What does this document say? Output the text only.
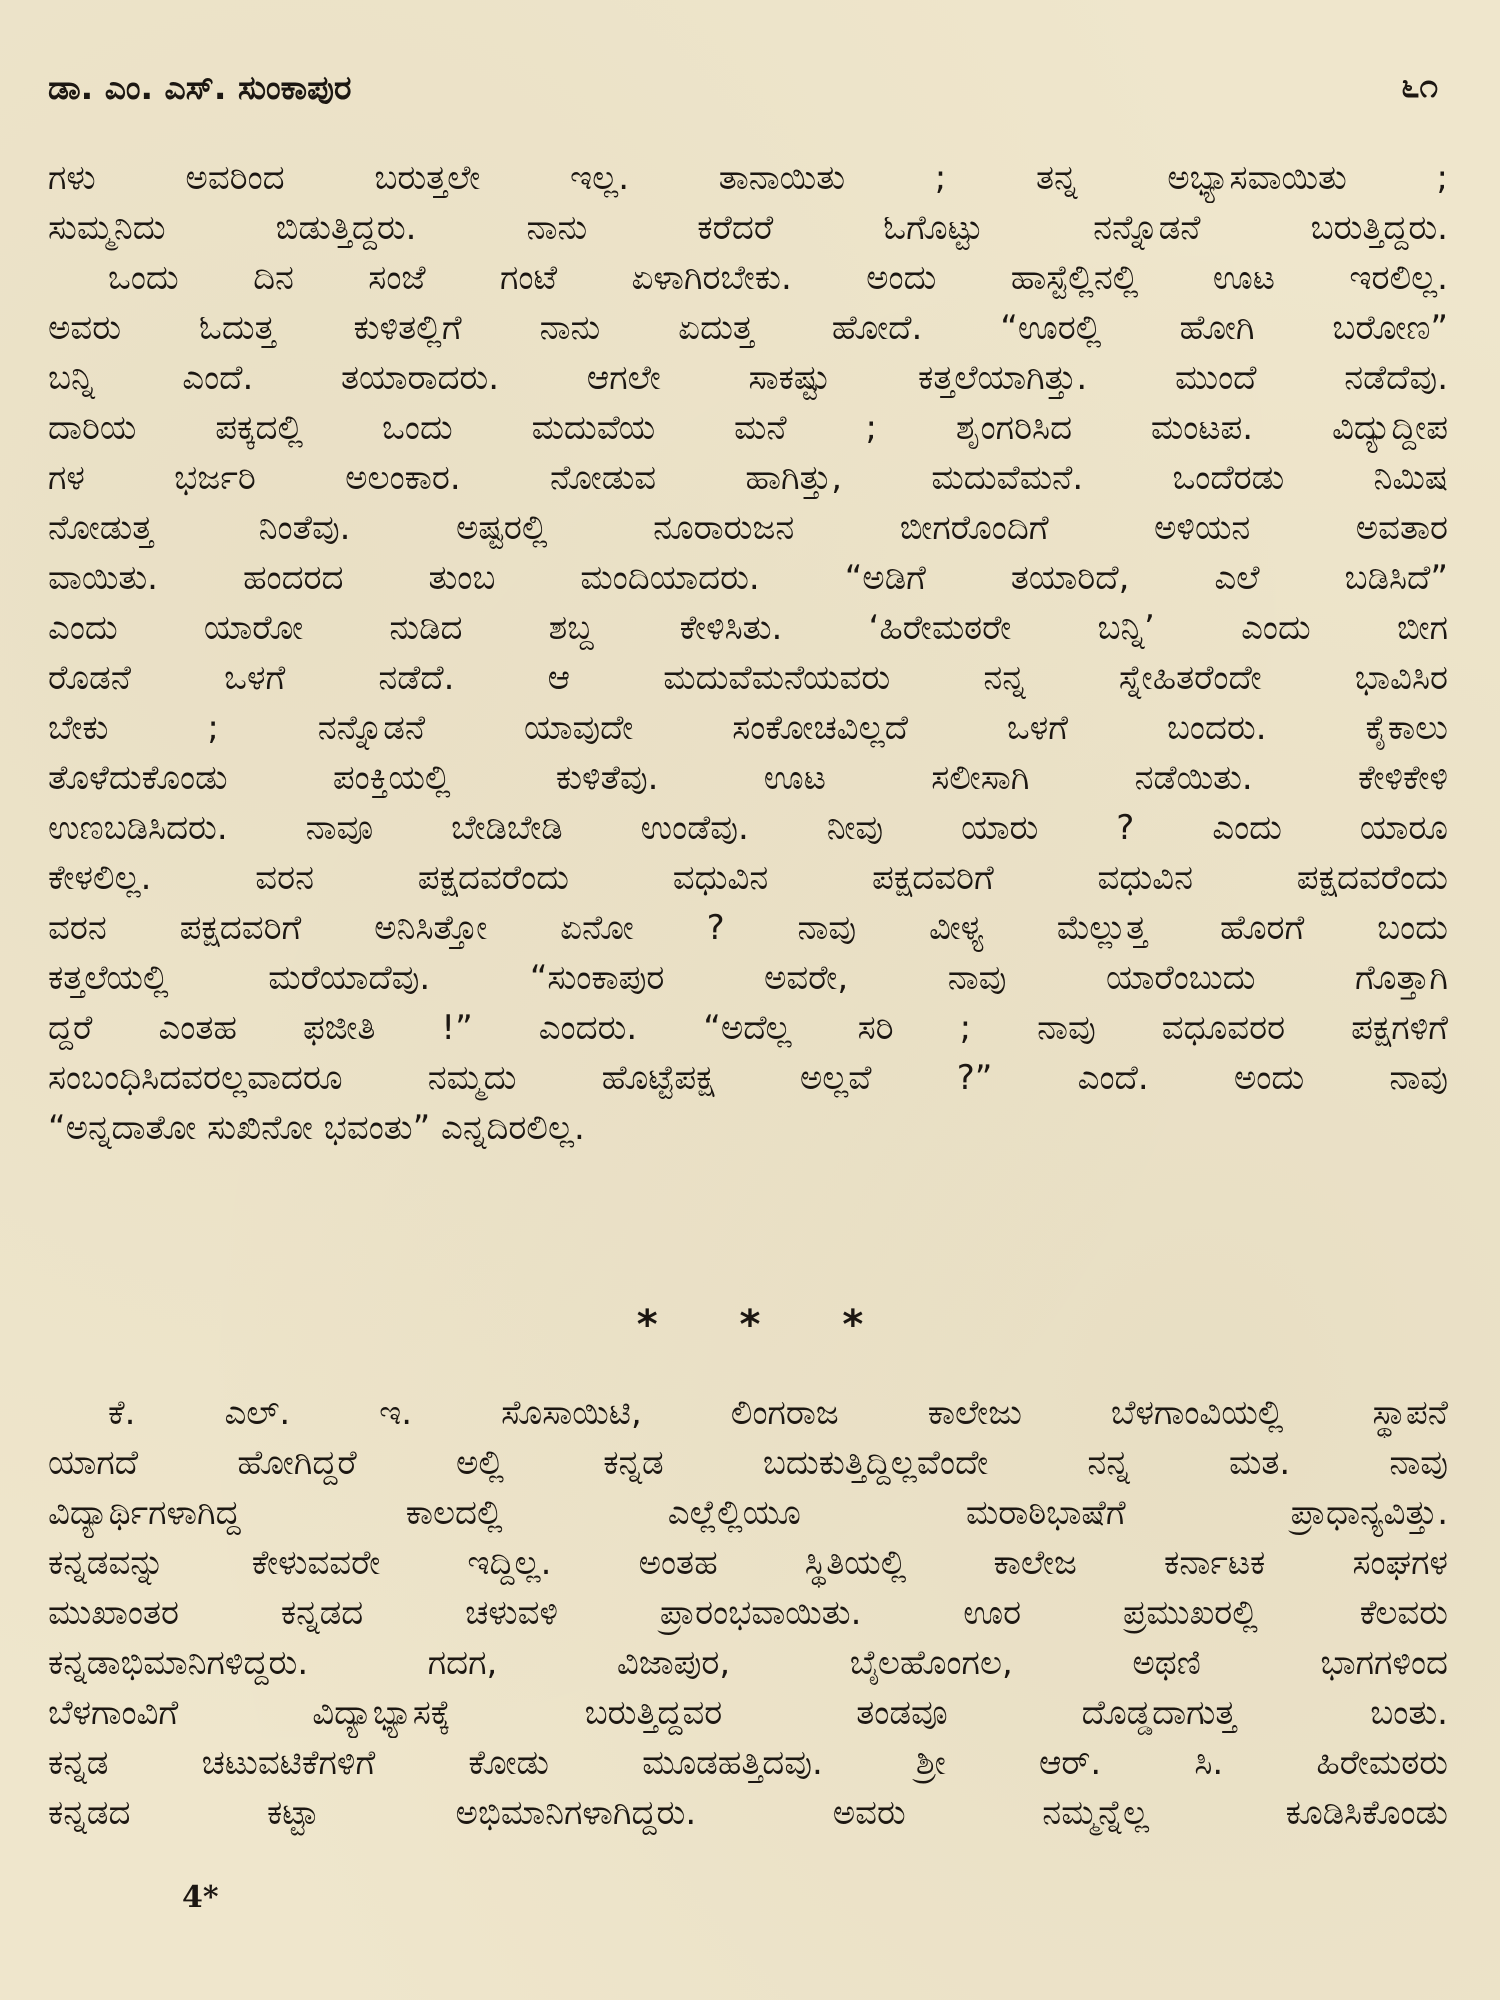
ಡಾ. ಎಂ. ಎಸ್‌. ಸುಂಕಾಪುರ	೬೧
ಗಳು ಅವರಿಂದ ಬರುತ್ತಲೇ ಇಲ್ಲ. ತಾನಾಯಿತು ; ತನ್ನ ಅಭ್ಯಾಸವಾಯಿತು ;
ಸುಮ್ಮನಿದು ಬಿಡುತ್ತಿದ್ದರು. ನಾನು ಕರೆದರೆ ಓಗೊಟ್ಟು ನನ್ನೊಡನೆ ಬರುತ್ತಿದ್ದರು.
ಒಂದು ದಿನ ಸಂಜೆ ಗಂಟೆ ಏಳಾಗಿರಬೇಕು. ಅಂದು ಹಾಸ್ಟೆಲ್ಲಿನಲ್ಲಿ ಊಟ ಇರಲಿಲ್ಲ.
ಅವರು ಓದುತ್ತ ಕುಳಿತಲ್ಲಿಗೆ ನಾನು ಏದುತ್ತ ಹೋದೆ. “ಊರಲ್ಲಿ ಹೋಗಿ ಬರೋಣ”
ಬನ್ನಿ ಎಂದೆ. ತಯಾರಾದರು. ಆಗಲೇ ಸಾಕಷ್ಟು ಕತ್ತಲೆಯಾಗಿತ್ತು. ಮುಂದೆ ನಡೆದೆವು.
ದಾರಿಯ ಪಕ್ಕದಲ್ಲಿ ಒಂದು ಮದುವೆಯ ಮನೆ ; ಶೃಂಗರಿಸಿದ ಮಂಟಪ. ವಿದ್ಯುದ್ದೀಪ
ಗಳ ಭರ್ಜರಿ ಅಲಂಕಾರ. ನೋಡುವ ಹಾಗಿತ್ತು, ಮದುವೆಮನೆ. ಒಂದೆರಡು ನಿಮಿಷ
ನೋಡುತ್ತ ನಿಂತೆವು. ಅಷ್ಟರಲ್ಲಿ ನೂರಾರುಜನ ಬೀಗರೊಂದಿಗೆ ಅಳಿಯನ ಅವತಾರ
ವಾಯಿತು. ಹಂದರದ ತುಂಬ ಮಂದಿಯಾದರು. “ಅಡಿಗೆ ತಯಾರಿದೆ, ಎಲೆ ಬಡಿಸಿದೆ”
ಎಂದು ಯಾರೋ ನುಡಿದ ಶಬ್ದ ಕೇಳಿಸಿತು. ‘ಹಿರೇಮಠರೇ ಬನ್ನಿ’ ಎಂದು ಬೀಗ
ರೊಡನೆ ಒಳಗೆ ನಡೆದೆ. ಆ ಮದುವೆಮನೆಯವರು ನನ್ನ ಸ್ನೇಹಿತರೆಂದೇ ಭಾವಿಸಿರ
ಬೇಕು ; ನನ್ನೊಡನೆ ಯಾವುದೇ ಸಂಕೋಚವಿಲ್ಲದೆ ಒಳಗೆ ಬಂದರು. ಕೈಕಾಲು
ತೊಳೆದುಕೊಂಡು ಪಂಕ್ತಿಯಲ್ಲಿ ಕುಳಿತೆವು. ಊಟ ಸಲೀಸಾಗಿ ನಡೆಯಿತು. ಕೇಳಿಕೇಳಿ
ಉಣಬಡಿಸಿದರು. ನಾವೂ ಬೇಡಿಬೇಡಿ ಉಂಡೆವು. ನೀವು ಯಾರು ? ಎಂದು ಯಾರೂ
ಕೇಳಲಿಲ್ಲ. ವರನ ಪಕ್ಷದವರೆಂದು ವಧುವಿನ ಪಕ್ಷದವರಿಗೆ ವಧುವಿನ ಪಕ್ಷದವರೆಂದು
ವರನ ಪಕ್ಷದವರಿಗೆ ಅನಿಸಿತ್ತೋ ಏನೋ ? ನಾವು ವೀಳ್ಯ ಮೆಲ್ಲುತ್ತ ಹೊರಗೆ ಬಂದು
ಕತ್ತಲೆಯಲ್ಲಿ ಮರೆಯಾದೆವು. “ಸುಂಕಾಪುರ ಅವರೇ, ನಾವು ಯಾರೆಂಬುದು ಗೊತ್ತಾಗಿ
ದ್ದರೆ ಎಂತಹ ಫಜೀತಿ !” ಎಂದರು. “ಅದೆಲ್ಲ ಸರಿ ; ನಾವು ವಧೂವರರ ಪಕ್ಷಗಳಿಗೆ
ಸಂಬಂಧಿಸಿದವರಲ್ಲವಾದರೂ ನಮ್ಮದು ಹೊಟ್ಟೆಪಕ್ಷ ಅಲ್ಲವೆ ?” ಎಂದೆ. ಅಂದು ನಾವು
“ಅನ್ನದಾತೋ ಸುಖಿನೋ ಭವಂತು” ಎನ್ನದಿರಲಿಲ್ಲ.
* * *
ಕೆ. ಎಲ್‌. ಇ. ಸೊಸಾಯಿಟಿ, ಲಿಂಗರಾಜ ಕಾಲೇಜು ಬೆಳಗಾಂವಿಯಲ್ಲಿ ಸ್ಥಾಪನೆ
ಯಾಗದೆ ಹೋಗಿದ್ದರೆ ಅಲ್ಲಿ ಕನ್ನಡ ಬದುಕುತ್ತಿದ್ದಿಲ್ಲವೆಂದೇ ನನ್ನ ಮತ. ನಾವು
ವಿದ್ಯಾರ್ಥಿಗಳಾಗಿದ್ದ ಕಾಲದಲ್ಲಿ ಎಲ್ಲೆಲ್ಲಿಯೂ ಮರಾಠಿಭಾಷೆಗೆ ಪ್ರಾಧಾನ್ಯವಿತ್ತು.
ಕನ್ನಡವನ್ನು ಕೇಳುವವರೇ ಇದ್ದಿಲ್ಲ. ಅಂತಹ ಸ್ಥಿತಿಯಲ್ಲಿ ಕಾಲೇಜ ಕರ್ನಾಟಕ ಸಂಘಗಳ
ಮುಖಾಂತರ ಕನ್ನಡದ ಚಳುವಳಿ ಪ್ರಾರಂಭವಾಯಿತು. ಊರ ಪ್ರಮುಖರಲ್ಲಿ ಕೆಲವರು
ಕನ್ನಡಾಭಿಮಾನಿಗಳಿದ್ದರು. ಗದಗ, ವಿಜಾಪುರ, ಬೈಲಹೊಂಗಲ, ಅಥಣಿ ಭಾಗಗಳಿಂದ
ಬೆಳಗಾಂವಿಗೆ ವಿದ್ಯಾಭ್ಯಾಸಕ್ಕೆ ಬರುತ್ತಿದ್ದವರ ತಂಡವೂ ದೊಡ್ಡದಾಗುತ್ತ ಬಂತು.
ಕನ್ನಡ ಚಟುವಟಿಕೆಗಳಿಗೆ ಕೋಡು ಮೂಡಹತ್ತಿದವು. ಶ್ರೀ ಆರ್‌. ಸಿ. ಹಿರೇಮಠರು
ಕನ್ನಡದ ಕಟ್ಟಾ ಅಭಿಮಾನಿಗಳಾಗಿದ್ದರು. ಅವರು ನಮ್ಮನ್ನೆಲ್ಲ ಕೂಡಿಸಿಕೊಂಡು
4*
